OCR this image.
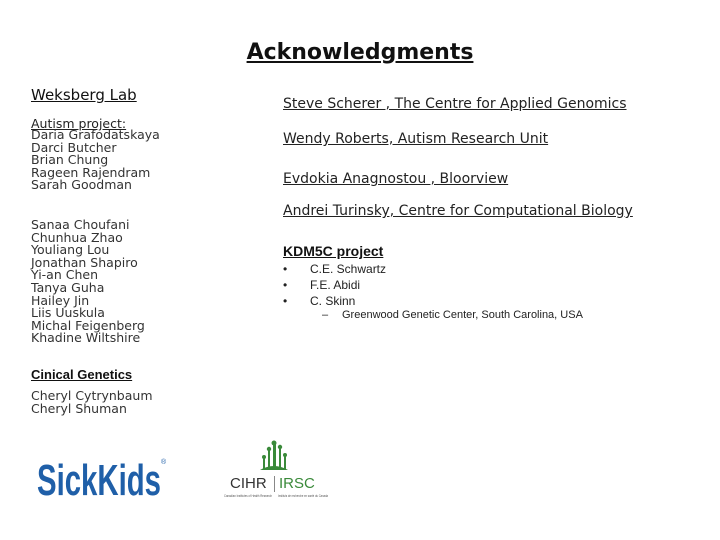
Acknowledgments
Weksberg Lab
Autism project:
Daria Grafodatskaya
Darci Butcher
Brian Chung
Rageen Rajendram
Sarah Goodman
Sanaa Choufani
Chunhua Zhao
Youliang Lou
Jonathan Shapiro
Yi-an Chen
Tanya Guha
Hailey Jin
Liis Uuskula
Michal Feigenberg
Khadine Wiltshire
Cinical Genetics
Cheryl Cytrynbaum
Cheryl Shuman
Steve Scherer , The Centre for Applied Genomics
Wendy Roberts, Autism Research Unit
Evdokia Anagnostou , Bloorview
Andrei Turinsky, Centre for Computational Biology
KDM5C project
•	C.E. Schwartz
•	F.E. Abidi
•	C. Skinn
– Greenwood Genetic Center, South Carolina, USA
SickKid
®
CIHR IRSC
Canadian Institutes of Health Research Instituts de recherche en santé du Canada
